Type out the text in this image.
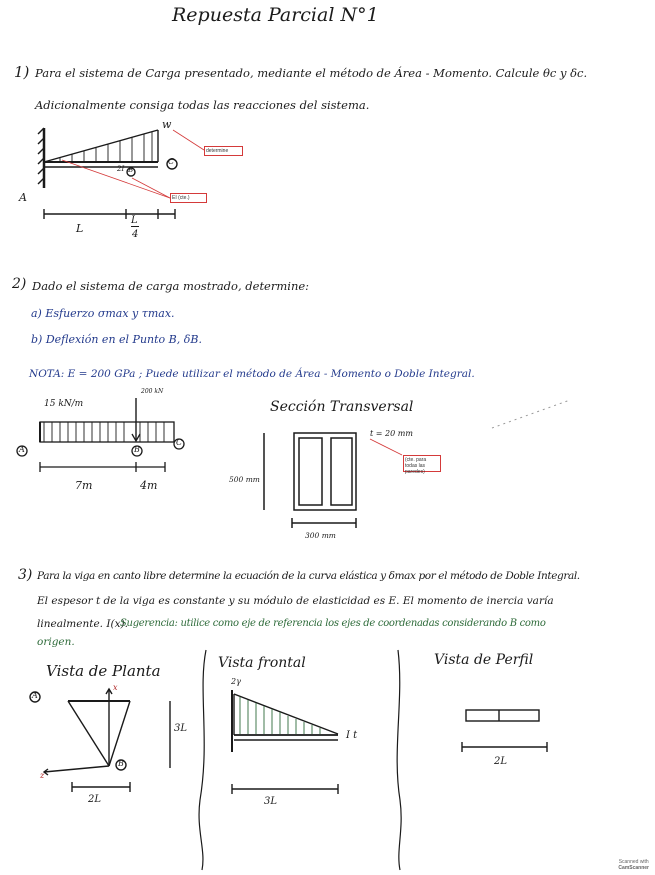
Repuesta Parcial N°1
1) Para el sistema de Carga presentado, mediante el método de Área - Momento. Calcule θc y δc.
Adicionalmente consiga todas las reacciones del sistema.
w
C
B
2I
A
L
L
4
determine
EI (cte.)
2) Dado el sistema de carga mostrado, determine:
a) Esfuerzo σmax y τmax.
b) Deflexión en el Punto B, δB.
NOTA: E = 200 GPa ; Puede utilizar el método de Área - Momento o Doble Integral.
15 kN/m
200 kN
A	B
C
7m	4m
Sección Transversal
t = 20 mm
500 mm
300 mm
(cte. para todas las paredes)
3) Para la viga en canto libre determine la ecuación de la curva elástica y δmax por el método de Doble Integral.
El espesor t de la viga es constante y su módulo de elasticidad es E. El momento de inercia varía
linealmente. I(x).
Sugerencia: utilice como eje de referencia los ejes de coordenadas considerando B como
origen.
Vista de Planta	Vista frontal	Vista de Perfil
A
B
x
z
2γ
I t
3L
2L	3L
2L
Scanned with
CamScanner
